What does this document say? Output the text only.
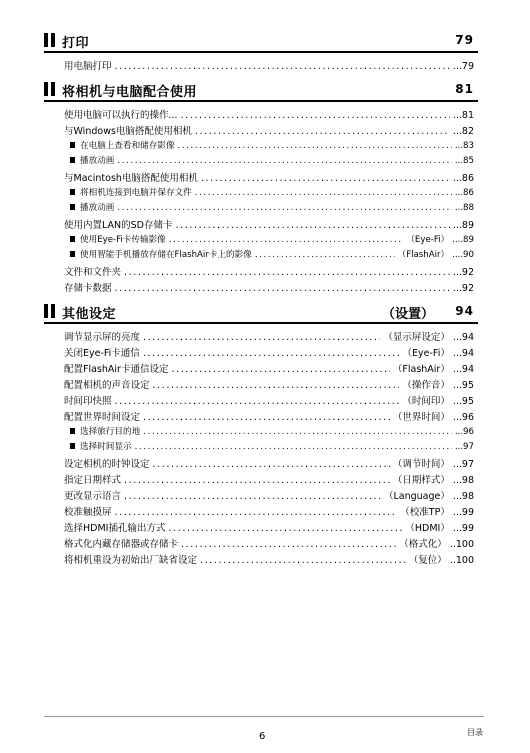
打印	79
用电脑打印 .....	...79
将相机与电脑配合使用	81
使用电脑可以执行的操作... .....	...81
与Windows电脑搭配使用相机 .....	...82
在电脑上查看和储存影像 .....	...83
播放动画 .....	...85
与Macintosh电脑搭配使用相机 .....	...86
将相机连接到电脑并保存文件 .....	...86
播放动画 .....	...88
使用内置LAN的SD存储卡 .....	...89
使用Eye-Fi卡传输影像 .....	（Eye-Fi） ....89
使用智能手机播放存储在FlashAir卡上的影像 .....	（FlashAir） ....90
文件和文件夹 .....	...92
存储卡数据 .....	...92
其他设定	（设置） 94
调节显示屏的亮度 .....	（显示屏设定） ...94
关闭Eye-Fi卡通信 .....	（Eye-Fi） ...94
配置FlashAir卡通信设定 .....	（FlashAir） ...94
配置相机的声音设定 .....	（操作音） ...95
时间印快照 .....	（时间印） ...95
配置世界时间设定 .....	（世界时间） ...96
选择旅行目的地 .....	...96
选择时间显示 .....	...97
设定相机的时钟设定 .....	（调节时间） ...97
指定日期样式 .....	（日期样式） ...98
更改显示语言 .....	（Language） ...98
校准触摸屏 .....	（校准TP） ...99
选择HDMI插孔输出方式 .....	（HDMI） ...99
格式化内藏存储器或存储卡 .....	（格式化） ..100
将相机重设为初始出厂缺省设定 .....	（复位） ..100
6	目录
